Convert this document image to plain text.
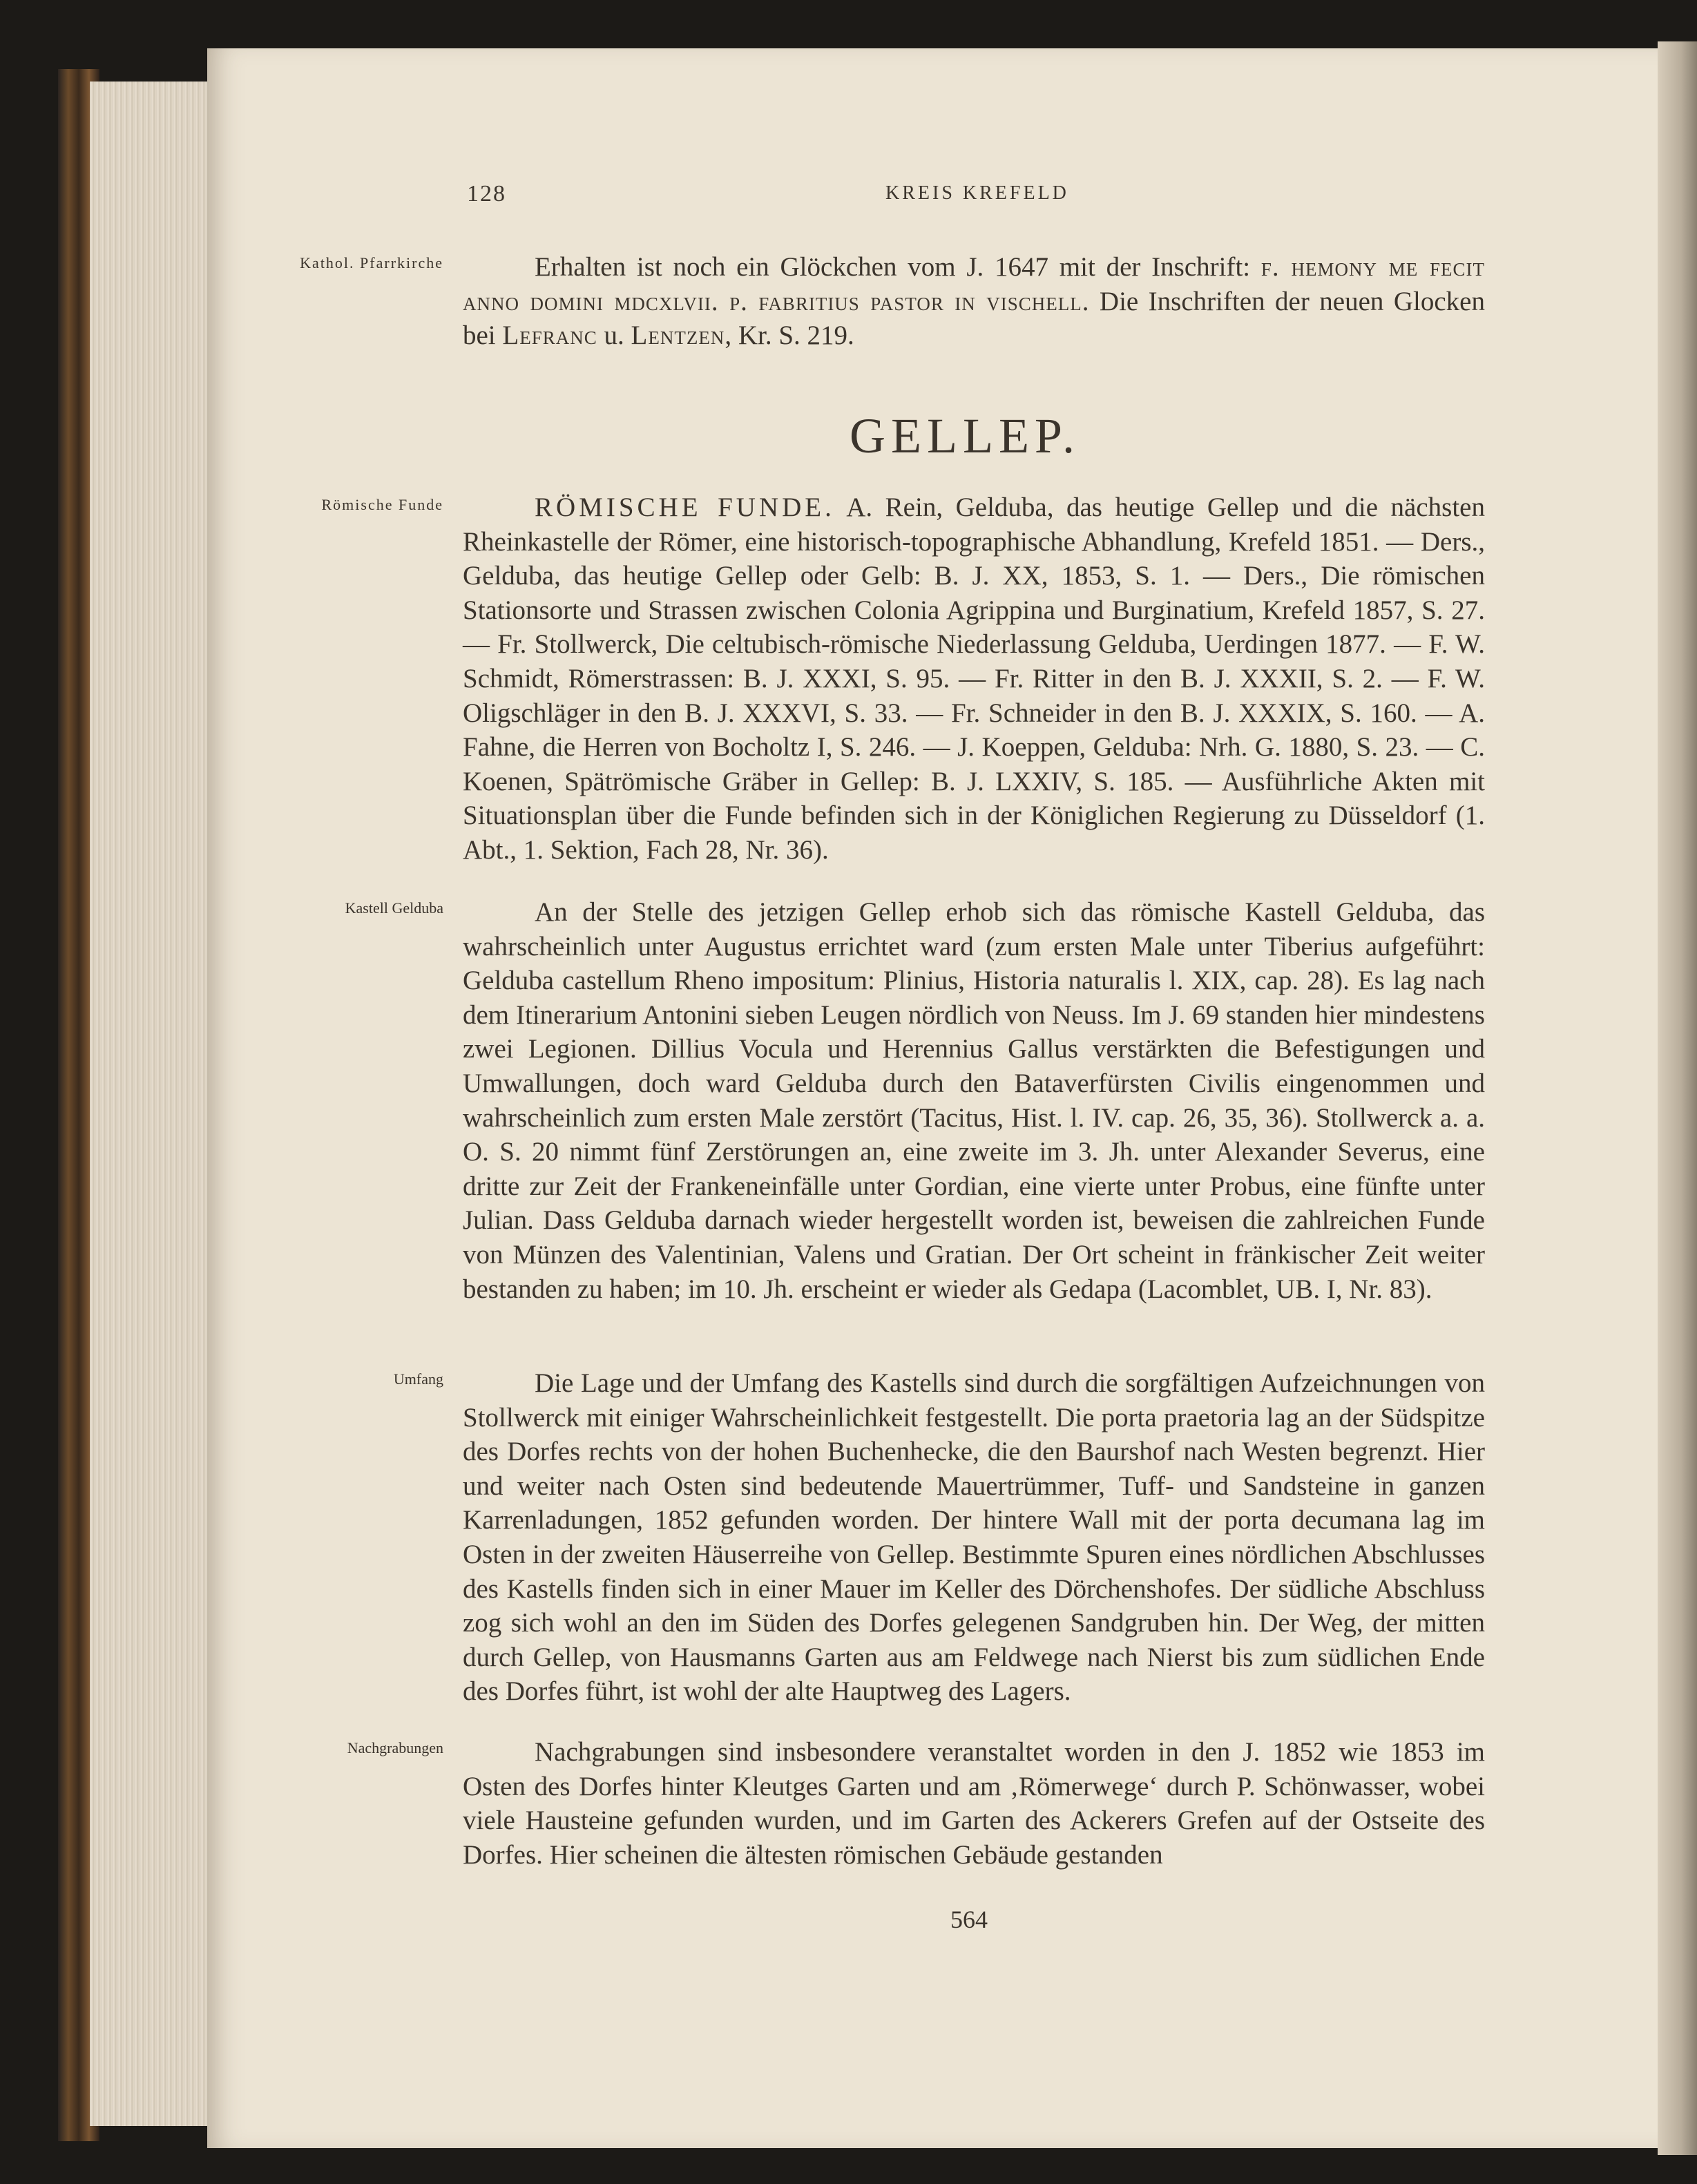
128	KREIS KREFELD
Kathol. Pfarrkirche
Römische Funde
Kastell Gelduba
Umfang
Nachgrabungen

Erhalten ist noch ein Glöckchen vom J. 1647 mit der Inschrift: f. hemony me fecit anno domini mdcxlvii. p. fabritius pastor in vischell. Die Inschriften der neuen Glocken bei Lefranc u. Lentzen, Kr. S. 219.

GELLEP.

RÖMISCHE FUNDE. A. Rein, Gelduba, das heutige Gellep und die nächsten Rheinkastelle der Römer, eine historisch-topographische Abhandlung, Krefeld 1851. — Ders., Gelduba, das heutige Gellep oder Gelb: B. J. XX, 1853, S. 1. — Ders., Die römischen Stationsorte und Strassen zwischen Colonia Agrippina und Burginatium, Krefeld 1857, S. 27. — Fr. Stollwerck, Die celtubisch-römische Niederlassung Gelduba, Uerdingen 1877. — F. W. Schmidt, Römerstrassen: B. J. XXXI, S. 95. — Fr. Ritter in den B. J. XXXII, S. 2. — F. W. Oligschläger in den B. J. XXXVI, S. 33. — Fr. Schneider in den B. J. XXXIX, S. 160. — A. Fahne, die Herren von Bocholtz I, S. 246. — J. Koeppen, Gelduba: Nrh. G. 1880, S. 23. — C. Koenen, Spätrömische Gräber in Gellep: B. J. LXXIV, S. 185. — Ausführliche Akten mit Situationsplan über die Funde befinden sich in der Königlichen Regierung zu Düsseldorf (1. Abt., 1. Sektion, Fach 28, Nr. 36).

An der Stelle des jetzigen Gellep erhob sich das römische Kastell Gelduba, das wahrscheinlich unter Augustus errichtet ward (zum ersten Male unter Tiberius aufgeführt: Gelduba castellum Rheno impositum: Plinius, Historia naturalis l. XIX, cap. 28). Es lag nach dem Itinerarium Antonini sieben Leugen nördlich von Neuss. Im J. 69 standen hier mindestens zwei Legionen. Dillius Vocula und Herennius Gallus verstärkten die Befestigungen und Umwallungen, doch ward Gelduba durch den Bataverfürsten Civilis eingenommen und wahrscheinlich zum ersten Male zerstört (Tacitus, Hist. l. IV. cap. 26, 35, 36). Stollwerck a. a. O. S. 20 nimmt fünf Zerstörungen an, eine zweite im 3. Jh. unter Alexander Severus, eine dritte zur Zeit der Frankeneinfälle unter Gordian, eine vierte unter Probus, eine fünfte unter Julian. Dass Gelduba darnach wieder hergestellt worden ist, beweisen die zahlreichen Funde von Münzen des Valentinian, Valens und Gratian. Der Ort scheint in fränkischer Zeit weiter bestanden zu haben; im 10. Jh. erscheint er wieder als Gedapa (Lacomblet, UB. I, Nr. 83).

Die Lage und der Umfang des Kastells sind durch die sorgfältigen Aufzeichnungen von Stollwerck mit einiger Wahrscheinlichkeit festgestellt. Die porta praetoria lag an der Südspitze des Dorfes rechts von der hohen Buchenhecke, die den Baurshof nach Westen begrenzt. Hier und weiter nach Osten sind bedeutende Mauertrümmer, Tuff- und Sandsteine in ganzen Karrenladungen, 1852 gefunden worden. Der hintere Wall mit der porta decumana lag im Osten in der zweiten Häuserreihe von Gellep. Bestimmte Spuren eines nördlichen Abschlusses des Kastells finden sich in einer Mauer im Keller des Dörchenshofes. Der südliche Abschluss zog sich wohl an den im Süden des Dorfes gelegenen Sandgruben hin. Der Weg, der mitten durch Gellep, von Hausmanns Garten aus am Feldwege nach Nierst bis zum südlichen Ende des Dorfes führt, ist wohl der alte Hauptweg des Lagers.

Nachgrabungen sind insbesondere veranstaltet worden in den J. 1852 wie 1853 im Osten des Dorfes hinter Kleutges Garten und am ‚Römerwege‘ durch P. Schönwasser, wobei viele Hausteine gefunden wurden, und im Garten des Ackerers Grefen auf der Ostseite des Dorfes. Hier scheinen die ältesten römischen Gebäude gestanden

564
